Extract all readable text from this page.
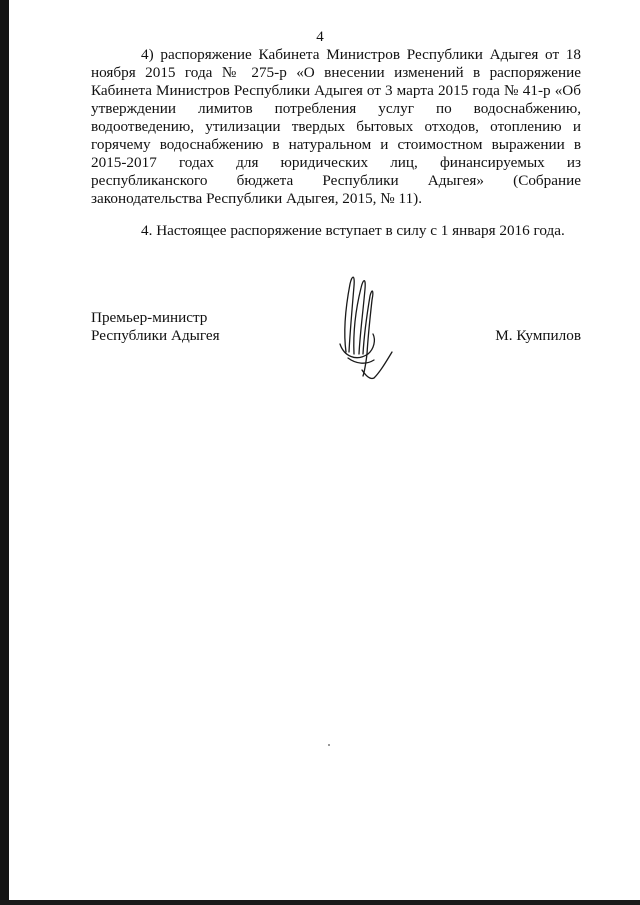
4

4) распоряжение Кабинета Министров Республики Адыгея от 18 ноября 2015 года № 275-р «О внесении изменений в распоряжение Кабинета Министров Республики Адыгея от 3 марта 2015 года № 41-р «Об утверждении лимитов потребления услуг по водоснабжению, водоотведению, утилизации твердых бытовых отходов, отоплению и горячему водоснабжению в натуральном и стоимостном выражении в 2015-2017 годах для юридических лиц, финансируемых из республиканского бюджета Республики Адыгея» (Собрание законодательства Республики Адыгея, 2015, № 11).

4. Настоящее распоряжение вступает в силу с 1 января 2016 года.

Премьер-министр
Республики Адыгея	М. Кумпилов
